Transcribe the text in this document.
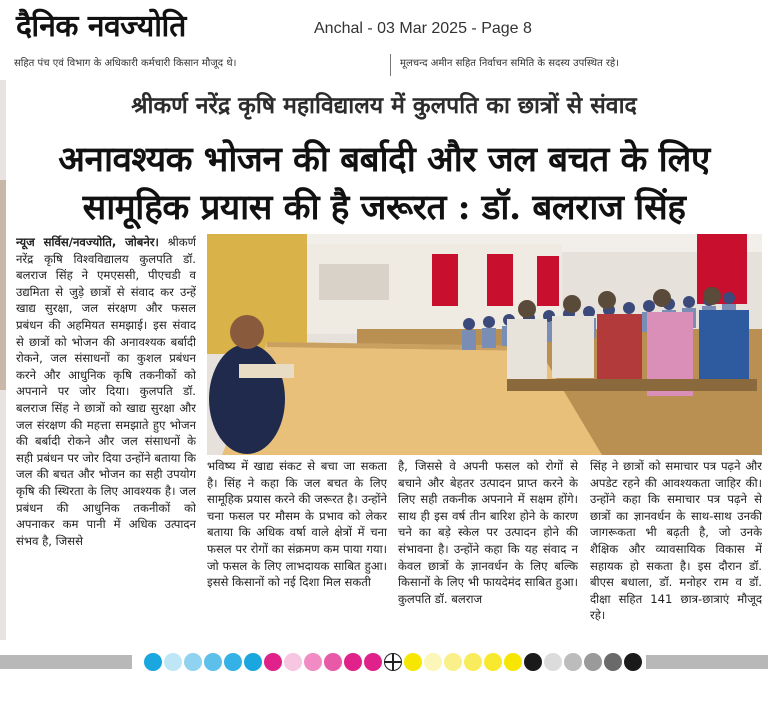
दैनिक नवज्योति	Anchal - 03 Mar 2025 - Page 8
सहित पंच एवं विभाग के अधिकारी कर्मचारी किसान मौजूद थे।	मूलचन्द अमीन सहित निर्वाचन समिति के सदस्य उपस्थित रहे।
श्रीकर्ण नरेंद्र कृषि महाविद्यालय में कुलपति का छात्रों से संवाद
अनावश्यक भोजन की बर्बादी और जल बचत के लिए
सामूहिक प्रयास की है जरूरत : डॉ. बलराज सिंह
न्यूज सर्विस/नवज्योति, जोबनेर। श्रीकर्ण नरेंद्र कृषि विश्वविद्यालय कुलपति डॉ. बलराज सिंह ने एमएससी, पीएचडी व उद्यमिता से जुड़े छात्रों से संवाद कर उन्हें खाद्य सुरक्षा, जल संरक्षण और फसल प्रबंधन की अहमियत समझाई। इस संवाद से छात्रों को भोजन की अनावश्यक बर्बादी रोकने, जल संसाधनों का कुशल प्रबंधन करने और आधुनिक कृषि तकनीकों को अपनाने पर जोर दिया। कुलपति डॉ. बलराज सिंह ने छात्रों को खाद्य सुरक्षा और जल संरक्षण की महत्ता समझाते हुए भोजन की बर्बादी रोकने और जल संसाधनों के सही प्रबंधन पर जोर दिया उन्होंने बताया कि जल की बचत और भोजन का सही उपयोग कृषि की स्थिरता के लिए आवश्यक है। जल प्रबंधन की आधुनिक तकनीकों को अपनाकर कम पानी में अधिक उत्पादन संभव है, जिससे
भविष्य में खाद्य संकट से बचा जा सकता है। सिंह ने कहा कि जल बचत के लिए सामूहिक प्रयास करने की जरूरत है। उन्होंने चना फसल पर मौसम के प्रभाव को लेकर बताया कि अधिक वर्षा वाले क्षेत्रों में चना फसल पर रोगों का संक्रमण कम पाया गया। जो फसल के लिए लाभदायक साबित हुआ। इससे किसानों को नई दिशा मिल सकती
है, जिससे वे अपनी फसल को रोगों से बचाने और बेहतर उत्पादन प्राप्त करने के लिए सही तकनीक अपनाने में सक्षम होंगे। साथ ही इस वर्ष तीन बारिश होने के कारण चने का बड़े स्केल पर उत्पादन होने की संभावना है। उन्होंने कहा कि यह संवाद न केवल छात्रों के ज्ञानवर्धन के लिए बल्कि किसानों के लिए भी फायदेमंद साबित हुआ। कुलपति डॉ. बलराज
सिंह ने छात्रों को समाचार पत्र पढ़ने और अपडेट रहने की आवश्यकता जाहिर की। उन्होंने कहा कि समाचार पत्र पढ़ने से छात्रों का ज्ञानवर्धन के साथ-साथ उनकी जागरूकता भी बढ़ती है, जो उनके शैक्षिक और व्यावसायिक विकास में सहायक हो सकता है। इस दौरान डॉ. बीएस बधाला, डॉ. मनोहर राम व डॉ. दीक्षा सहित 141 छात्र-छात्राएं मौजूद रहे।
